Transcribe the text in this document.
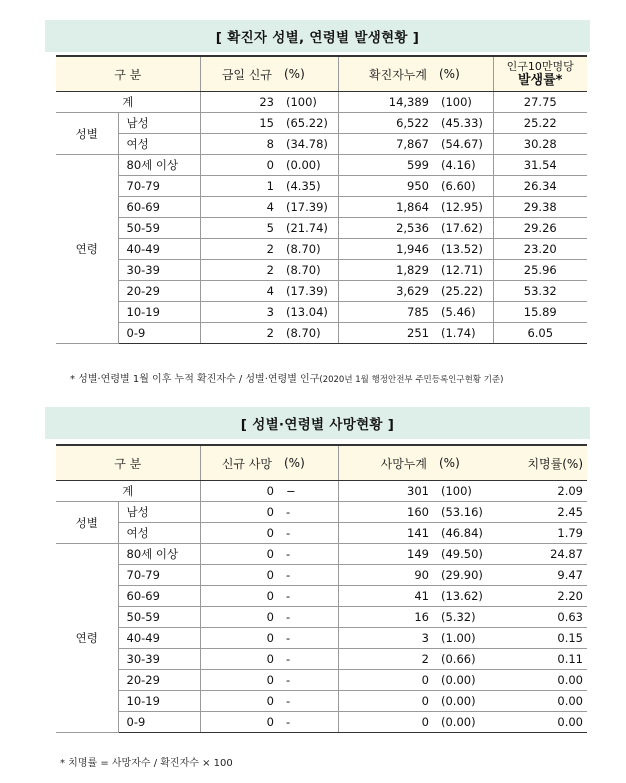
[ 확진자 성별, 연령별 발생현황 ]
구 분		금일 신규	(%)	확진자누계	(%)	인구10만명당
발생률*

계		23	(100)	14,389	(100)	27.75
성별	남성	15	(65.22)	6,522	(45.33)	25.22
	여성	8	(34.78)	7,867	(54.67)	30.28
연령	80세 이상	0	(0.00)	599	(4.16)	31.54
	70-79	1	(4.35)	950	(6.60)	26.34
	60-69	4	(17.39)	1,864	(12.95)	29.38
	50-59	5	(21.74)	2,536	(17.62)	29.26
	40-49	2	(8.70)	1,946	(13.52)	23.20
	30-39	2	(8.70)	1,829	(12.71)	25.96
	20-29	4	(17.39)	3,629	(25.22)	53.32
	10-19	3	(13.04)	785	(5.46)	15.89
	0-9	2	(8.70)	251	(1.74)	6.05
* 성별·연령별 1월 이후 누적 확진자수 / 성별·연령별 인구(2020년 1월 행정안전부 주민등록인구현황 기준)
[ 성별·연령별 사망현황 ]
구 분		신규 사망	(%)	사망누계	(%)	치명률(%)
계		0	−	301	(100)	2.09
성별	남성	0	-	160	(53.16)	2.45
	여성	0	-	141	(46.84)	1.79
연령	80세 이상	0	-	149	(49.50)	24.87
	70-79	0	-	90	(29.90)	9.47
	60-69	0	-	41	(13.62)	2.20
	50-59	0	-	16	(5.32)	0.63
	40-49	0	-	3	(1.00)	0.15
	30-39	0	-	2	(0.66)	0.11
	20-29	0	-	0	(0.00)	0.00
	10-19	0	-	0	(0.00)	0.00
	0-9	0	-	0	(0.00)	0.00
* 치명률 = 사망자수 / 확진자수 × 100
